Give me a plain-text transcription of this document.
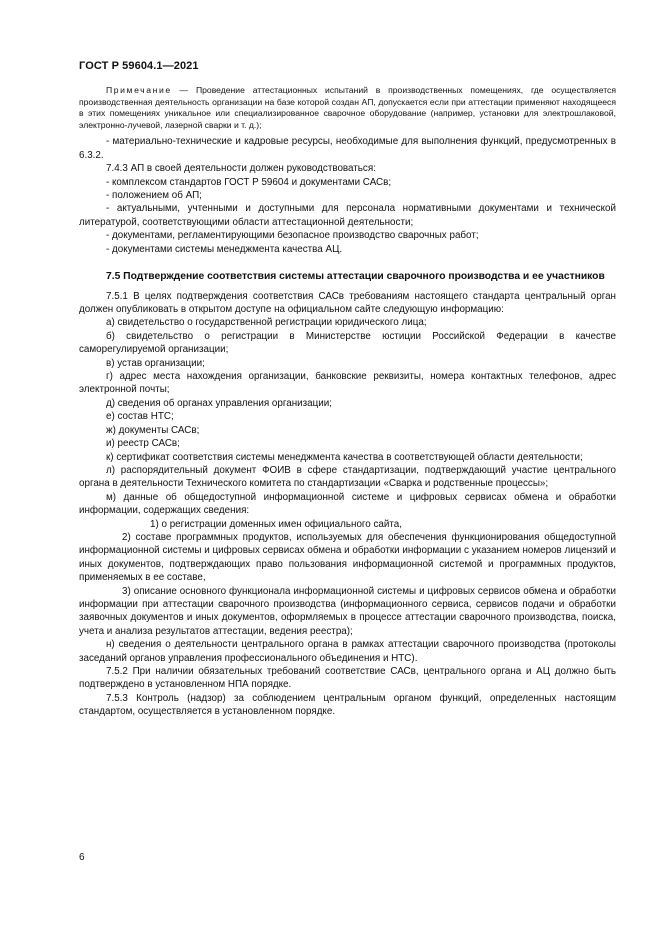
ГОСТ Р 59604.1—2021

Примечание — Проведение аттестационных испытаний в производственных помещениях, где осуществляется производственная деятельность организации на базе которой создан АП, допускается если при аттестации применяют находящееся в этих помещениях уникальное или специализированное сварочное оборудование (например, установки для электрошлаковой, электронно-лучевой, лазерной сварки и т. д.);

- материально-технические и кадровые ресурсы, необходимые для выполнения функций, предусмотренных в 6.3.2.

7.4.3 АП в своей деятельности должен руководствоваться:

- комплексом стандартов ГОСТ Р 59604 и документами САСв;

- положением об АП;

- актуальными, учтенными и доступными для персонала нормативными документами и технической литературой, соответствующими области аттестационной деятельности;

- документами, регламентирующими безопасное производство сварочных работ;

- документами системы менеджмента качества АЦ.

7.5 Подтверждение соответствия системы аттестации сварочного производства и ее участников

7.5.1 В целях подтверждения соответствия САСв требованиям настоящего стандарта центральный орган должен опубликовать в открытом доступе на официальном сайте следующую информацию:

а) свидетельство о государственной регистрации юридического лица;

б) свидетельство о регистрации в Министерстве юстиции Российской Федерации в качестве саморегулируемой организации;

в) устав организации;

г) адрес места нахождения организации, банковские реквизиты, номера контактных телефонов, адрес электронной почты;

д) сведения об органах управления организации;

е) состав НТС;

ж) документы САСв;

и) реестр САСв;

к) сертификат соответствия системы менеджмента качества в соответствующей области деятельности;

л) распорядительный документ ФОИВ в сфере стандартизации, подтверждающий участие центрального органа в деятельности Технического комитета по стандартизации «Сварка и родственные процессы»;

м) данные об общедоступной информационной системе и цифровых сервисах обмена и обработки информации, содержащих сведения:

1) о регистрации доменных имен официального сайта,

2) составе программных продуктов, используемых для обеспечения функционирования общедоступной информационной системы и цифровых сервисах обмена и обработки информации с указанием номеров лицензий и иных документов, подтверждающих право пользования информационной системой и программных продуктов, применяемых в ее составе,

3) описание основного функционала информационной системы и цифровых сервисов обмена и обработки информации при аттестации сварочного производства (информационного сервиса, сервисов подачи и обработки заявочных документов и иных документов, оформляемых в процессе аттестации сварочного производства, поиска, учета и анализа результатов аттестации, ведения реестра);

н) сведения о деятельности центрального органа в рамках аттестации сварочного производства (протоколы заседаний органов управления профессионального объединения и НТС).

7.5.2 При наличии обязательных требований соответствие САСв, центрального органа и АЦ должно быть подтверждено в установленном НПА порядке.

7.5.3 Контроль (надзор) за соблюдением центральным органом функций, определенных настоящим стандартом, осуществляется в установленном порядке.

6
